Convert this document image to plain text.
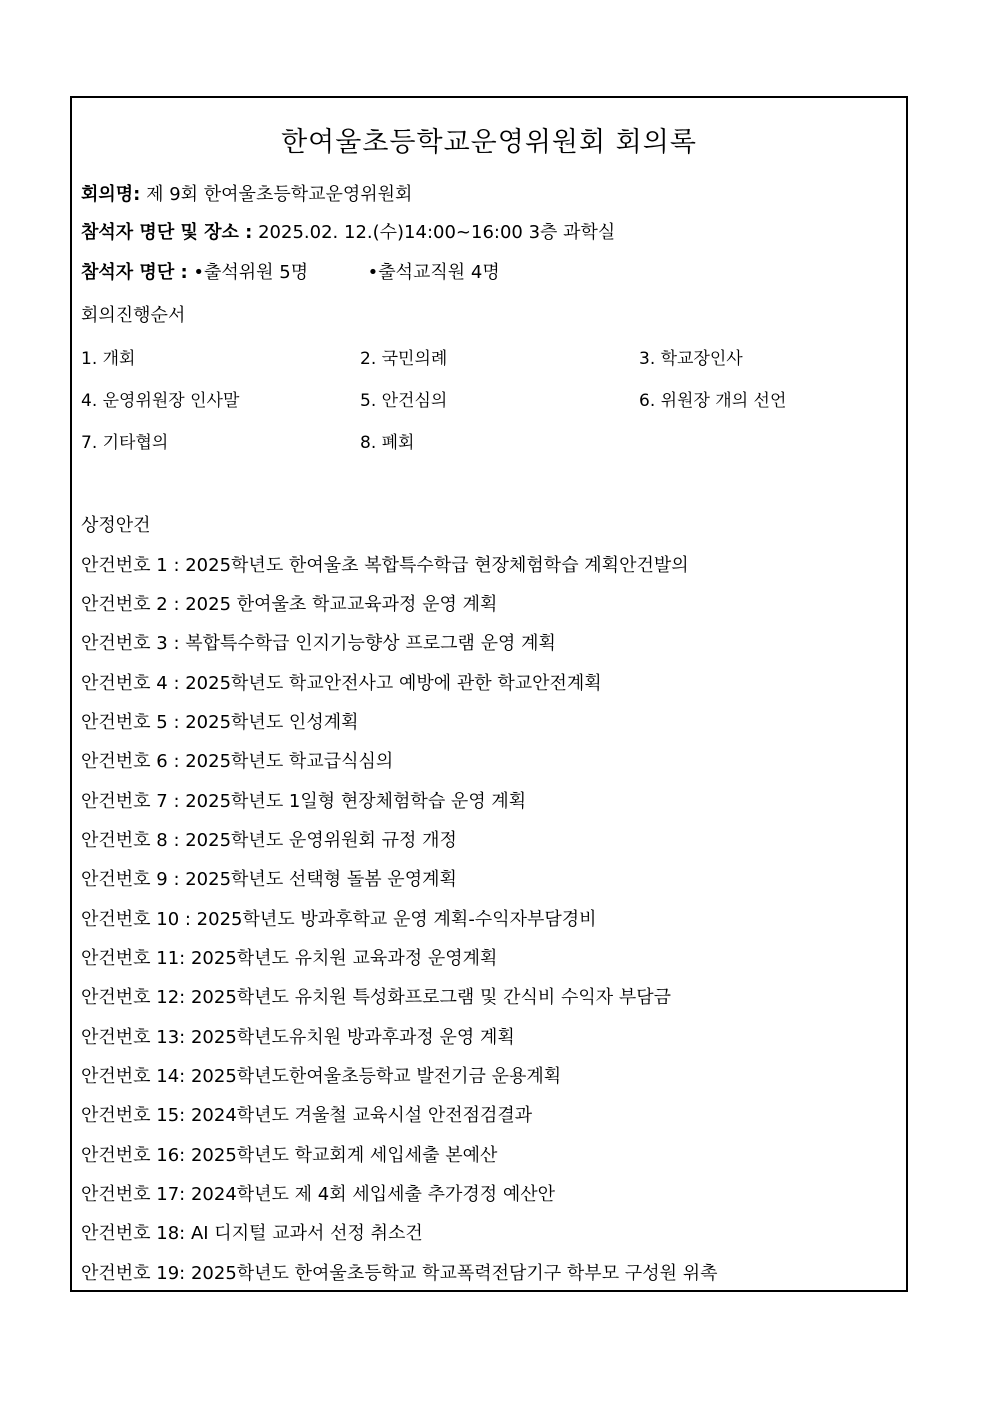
한여울초등학교운영위원회 회의록
회의명: 제 9회 한여울초등학교운영위원회
참석자 명단 및 장소 : 2025.02. 12.(수)14:00~16:00 3층 과학실
참석자 명단 : •출석위원 5명	•출석교직원 4명
회의진행순서
1. 개회	2. 국민의례	3. 학교장인사
4. 운영위원장 인사말	5. 안건심의	6. 위원장 개의 선언
7. 기타협의	8. 폐회
상정안건
안건번호 1 : 2025학년도 한여울초 복합특수학급 현장체험학습 계획안건발의
안건번호 2 : 2025 한여울초 학교교육과정 운영 계획
안건번호 3 : 복합특수학급 인지기능향상 프로그램 운영 계획
안건번호 4 : 2025학년도 학교안전사고 예방에 관한 학교안전계획
안건번호 5 : 2025학년도 인성계획
안건번호 6 : 2025학년도 학교급식심의
안건번호 7 : 2025학년도 1일형 현장체험학습 운영 계획
안건번호 8 : 2025학년도 운영위원회 규정 개정
안건번호 9 : 2025학년도 선택형 돌봄 운영계획
안건번호 10 : 2025학년도 방과후학교 운영 계획-수익자부담경비
안건번호 11: 2025학년도 유치원 교육과정 운영계획
안건번호 12: 2025학년도 유치원 특성화프로그램 및 간식비 수익자 부담금
안건번호 13: 2025학년도유치원 방과후과정 운영 계획
안건번호 14: 2025학년도한여울초등학교 발전기금 운용계획
안건번호 15: 2024학년도 겨울철 교육시설 안전점검결과
안건번호 16: 2025학년도 학교회계 세입세출 본예산
안건번호 17: 2024학년도 제 4회 세입세출 추가경정 예산안
안건번호 18: AI 디지털 교과서 선정 취소건
안건번호 19: 2025학년도 한여울초등학교 학교폭력전담기구 학부모 구성원 위촉
